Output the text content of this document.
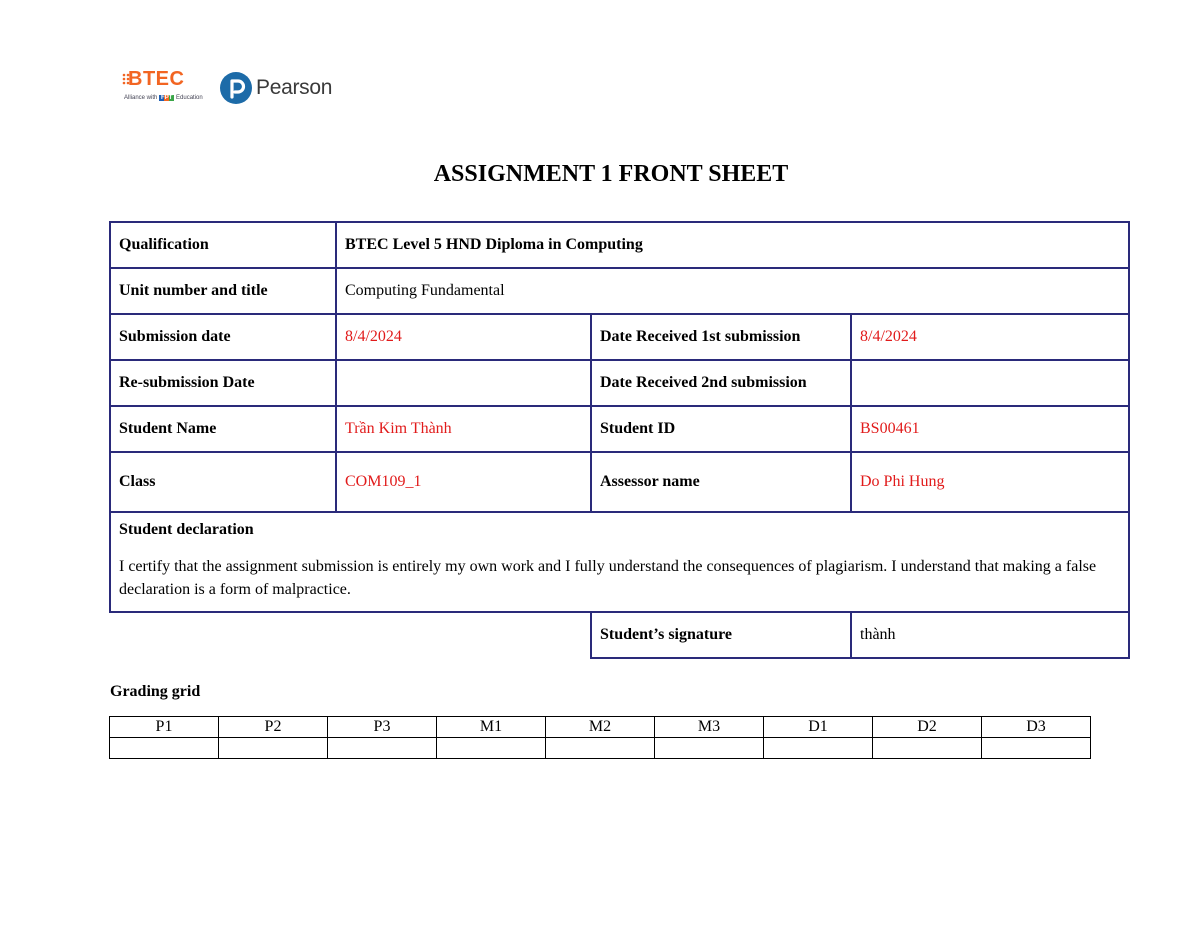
BTEC
Alliance with FPT Education	Pearson
ASSIGNMENT 1 FRONT SHEET
Qualification	BTEC Level 5 HND Diploma in Computing		
Unit number and title	Computing Fundamental		
Submission date	8/4/2024	Date Received 1st submission	8/4/2024
Re-submission Date		Date Received 2nd submission	
Student Name	Trần Kim Thành	Student ID	BS00461
Class	COM109_1	Assessor name	Do Phi Hung

Student declaration
I certify that the assignment submission is entirely my own work and I fully understand the consequences of plagiarism. I understand that making a false declaration is a form of malpractice.			

		Student’s signature	thành
Grading grid
P1	P2	P3	M1	M2	M3	D1	D2	D3
